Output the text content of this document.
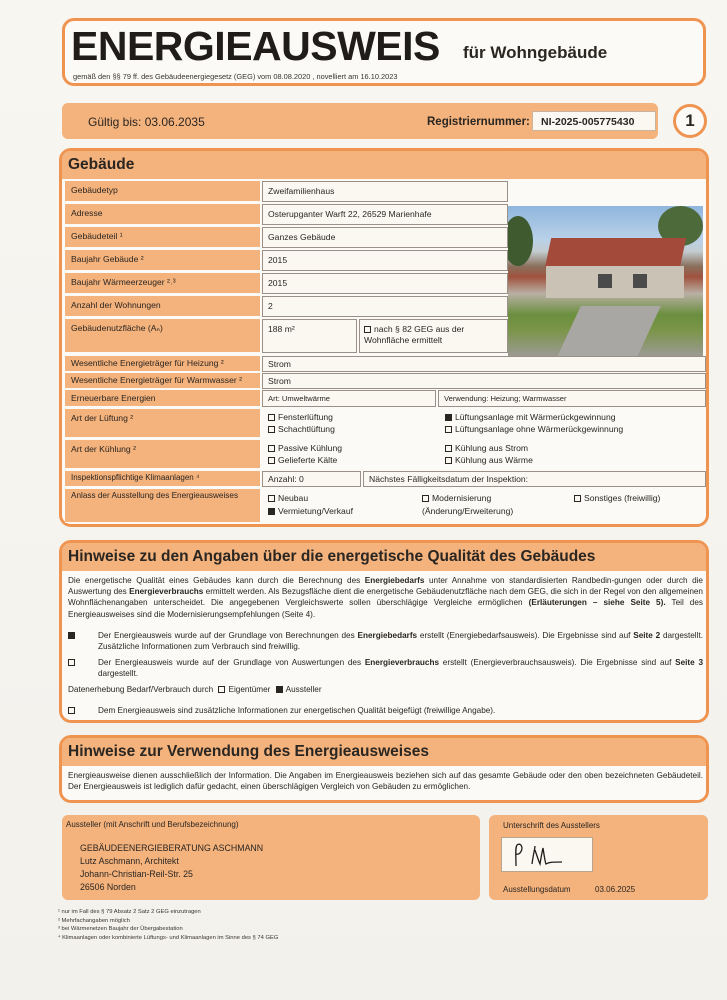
ENERGIEAUSWEIS für Wohngebäude
gemäß den §§ 79 ff. des Gebäudeenergiegesetz (GEG) vom 08.08.2020 , novelliert am 16.10.2023
Gültig bis: 03.06.2035	Registriernummer:	NI-2025-005775430	1
Gebäude
Gebäudetyp	Zweifamilienhaus
Adresse	Osterupganter Warft 22, 26529 Marienhafe
Gebäudeteil ¹	Ganzes Gebäude
Baujahr Gebäude ²	2015
Baujahr Wärmeerzeuger ²˒³	2015
Anzahl der Wohnungen	2
Gebäudenutzfläche (Aₙ)	188 m²	nach § 82 GEG aus der Wohnfläche ermittelt
Wesentliche Energieträger für Heizung ²	Strom
Wesentliche Energieträger für Warmwasser ²	Strom
Erneuerbare Energien	Art: Umweltwärme	Verwendung: Heizung; Warmwasser
Art der Lüftung ²	Fensterlüftung
Schachtlüftung
Lüftungsanlage mit Wärmerückgewinnung
Lüftungsanlage ohne Wärmerückgewinnung
Art der Kühlung ²	Passive Kühlung
Gelieferte Kälte
Kühlung aus Strom
Kühlung aus Wärme
Inspektionspflichtige Klimaanlagen ⁴	Anzahl: 0	Nächstes Fälligkeitsdatum der Inspektion:
Anlass der Ausstellung des Energieausweises	Neubau
Vermietung/Verkauf
Modernisierung
(Änderung/Erweiterung)
Sonstiges (freiwillig)
Hinweise zu den Angaben über die energetische Qualität des Gebäudes
Die energetische Qualität eines Gebäudes kann durch die Berechnung des Energiebedarfs unter Annahme von standardisierten Randbedin-gungen oder durch die Auswertung des Energieverbrauchs ermittelt werden. Als Bezugsfläche dient die energetische Gebäudenutzfläche nach dem GEG, die sich in der Regel von den allgemeinen Wohnflächenangaben unterscheidet. Die angegebenen Vergleichswerte sollen überschlägige Vergleiche ermöglichen (Erläuterungen – siehe Seite 5). Teil des Energieausweises sind die Modernisierungsempfehlungen (Seite 4).
Der Energieausweis wurde auf der Grundlage von Berechnungen des Energiebedarfs erstellt (Energiebedarfsausweis). Die Ergebnisse sind auf Seite 2 dargestellt. Zusätzliche Informationen zum Verbrauch sind freiwillig.
Der Energieausweis wurde auf der Grundlage von Auswertungen des Energieverbrauchs erstellt (Energieverbrauchsausweis). Die Ergebnisse sind auf Seite 3 dargestellt.
Datenerhebung Bedarf/Verbrauch durch Eigentümer Aussteller
Dem Energieausweis sind zusätzliche Informationen zur energetischen Qualität beigefügt (freiwillige Angabe).
Hinweise zur Verwendung des Energieausweises
Energieausweise dienen ausschließlich der Information. Die Angaben im Energieausweis beziehen sich auf das gesamte Gebäude oder den oben bezeichneten Gebäudeteil. Der Energieausweis ist lediglich dafür gedacht, einen überschlägigen Vergleich von Gebäuden zu ermöglichen.
Aussteller (mit Anschrift und Berufsbezeichnung)
GEBÄUDEENERGIEBERATUNG ASCHMANN
Lutz Aschmann, Architekt
Johann-Christian-Reil-Str. 25
26506 Norden
Unterschrift des Ausstellers
Ausstellungsdatum	03.06.2025
¹ nur im Fall des § 79 Absatz 2 Satz 2 GEG einzutragen
² Mehrfachangaben möglich
³ bei Wärmenetzen Baujahr der Übergabestation
⁴ Klimaanlagen oder kombinierte Lüftungs- und Klimaanlagen im Sinne des § 74 GEG
